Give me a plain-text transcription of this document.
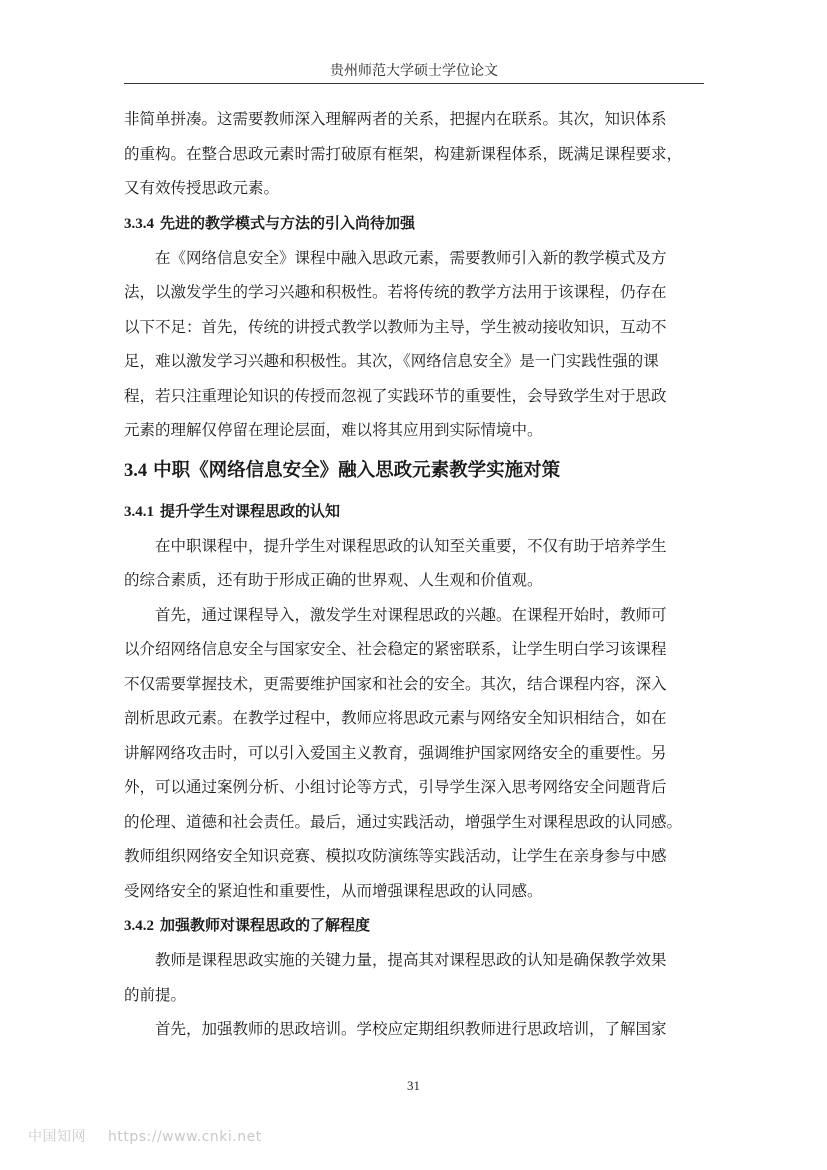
贵州师范大学硕士学位论文
非简单拼凑。这需要教师深入理解两者的关系，把握内在联系。其次，知识体系
的重构。在整合思政元素时需打破原有框架，构建新课程体系，既满足课程要求，
又有效传授思政元素。
3.3.4 先进的教学模式与方法的引入尚待加强
在《网络信息安全》课程中融入思政元素，需要教师引入新的教学模式及方
法，以激发学生的学习兴趣和积极性。若将传统的教学方法用于该课程，仍存在
以下不足：首先，传统的讲授式教学以教师为主导，学生被动接收知识，互动不
足，难以激发学习兴趣和积极性。其次，《网络信息安全》是一门实践性强的课
程，若只注重理论知识的传授而忽视了实践环节的重要性，会导致学生对于思政
元素的理解仅停留在理论层面，难以将其应用到实际情境中。
3.4 中职《网络信息安全》融入思政元素教学实施对策
3.4.1 提升学生对课程思政的认知
在中职课程中，提升学生对课程思政的认知至关重要，不仅有助于培养学生
的综合素质，还有助于形成正确的世界观、人生观和价值观。
首先，通过课程导入，激发学生对课程思政的兴趣。在课程开始时，教师可
以介绍网络信息安全与国家安全、社会稳定的紧密联系，让学生明白学习该课程
不仅需要掌握技术，更需要维护国家和社会的安全。其次，结合课程内容，深入
剖析思政元素。在教学过程中，教师应将思政元素与网络安全知识相结合，如在
讲解网络攻击时，可以引入爱国主义教育，强调维护国家网络安全的重要性。另
外，可以通过案例分析、小组讨论等方式，引导学生深入思考网络安全问题背后
的伦理、道德和社会责任。最后，通过实践活动，增强学生对课程思政的认同感。
教师组织网络安全知识竞赛、模拟攻防演练等实践活动，让学生在亲身参与中感
受网络安全的紧迫性和重要性，从而增强课程思政的认同感。
3.4.2 加强教师对课程思政的了解程度
教师是课程思政实施的关键力量，提高其对课程思政的认知是确保教学效果
的前提。
首先，加强教师的思政培训。学校应定期组织教师进行思政培训，了解国家
31
中国知网 https://www.cnki.net
